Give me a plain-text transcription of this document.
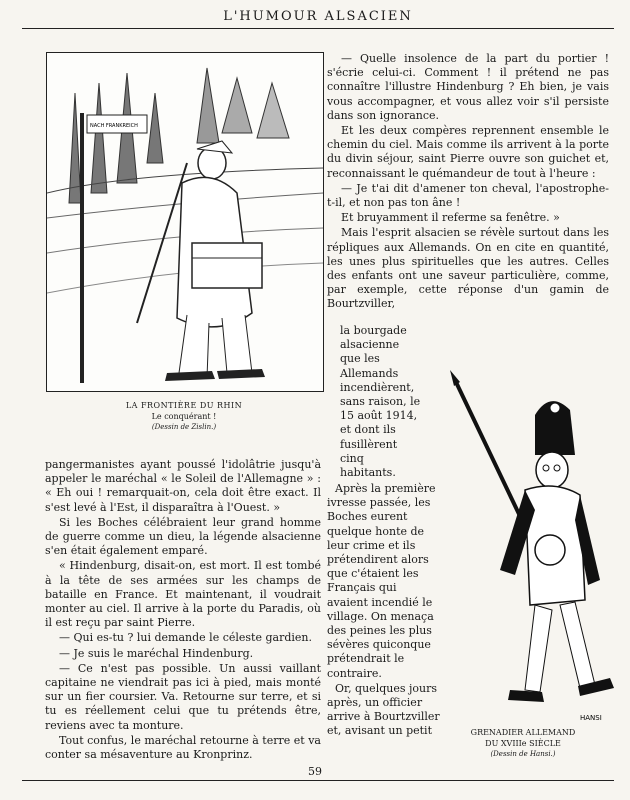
L'HUMOUR ALSACIEN
NACH FRANKREICH
LA FRONTIÈRE DU RHIN
Le conquérant !
(Dessin de Zislin.)

— Quelle insolence de la part du portier ! s'écrie celui-ci. Comment ! il prétend ne pas connaître l'illustre Hindenburg ? Eh bien, je vais vous accompagner, et vous allez voir s'il persiste dans son ignorance.

Et les deux compères reprennent ensemble le chemin du ciel. Mais comme ils arrivent à la porte du divin séjour, saint Pierre ouvre son guichet et, reconnaissant le quémandeur de tout à l'heure :

— Je t'ai dit d'amener ton cheval, l'apostrophe-t-il, et non pas ton âne !

Et bruyamment il referme sa fenêtre. »

Mais l'esprit alsacien se révèle surtout dans les répliques aux Allemands. On en cite en quantité, les unes plus spirituelles que les autres. Celles des enfants ont une saveur particulière, comme, par exemple, cette réponse d'un gamin de Bourtzviller,

la bourgade alsacienne que les Allemands incendièrent, sans raison, le 15 août 1914, et dont ils fusillèrent cinq habitants.

Après la première ivresse passée, les Boches eurent quelque honte de leur crime et ils prétendirent alors que c'étaient les Français qui avaient incendié le village. On menaça des peines les plus sévères quiconque prétendrait le contraire.

Or, quelques jours après, un officier arrive à Bourtzviller et, avisant un petit

pangermanistes ayant poussé l'idolâtrie jusqu'à appeler le maréchal « le Soleil de l'Allemagne » : « Eh oui ! remarquait-on, cela doit être exact. Il s'est levé à l'Est, il disparaîtra à l'Ouest. »

Si les Boches célébraient leur grand homme de guerre comme un dieu, la légende alsacienne s'en était également emparé.

« Hindenburg, disait-on, est mort. Il est tombé à la tête de ses armées sur les champs de bataille en France. Et maintenant, il voudrait monter au ciel. Il arrive à la porte du Paradis, où il est reçu par saint Pierre.

— Qui es-tu ? lui demande le céleste gardien.

— Je suis le maréchal Hindenburg.

— Ce n'est pas possible. Un aussi vaillant capitaine ne viendrait pas ici à pied, mais monté sur un fier coursier. Va. Retourne sur terre, et si tu es réellement celui que tu prétends être, reviens avec ta monture.

Tout confus, le maréchal retourne à terre et va conter sa mésaventure au Kronprinz.

HANSI
GRENADIER ALLEMAND
DU XVIIIe SIÈCLE
(Dessin de Hansi.)
59
